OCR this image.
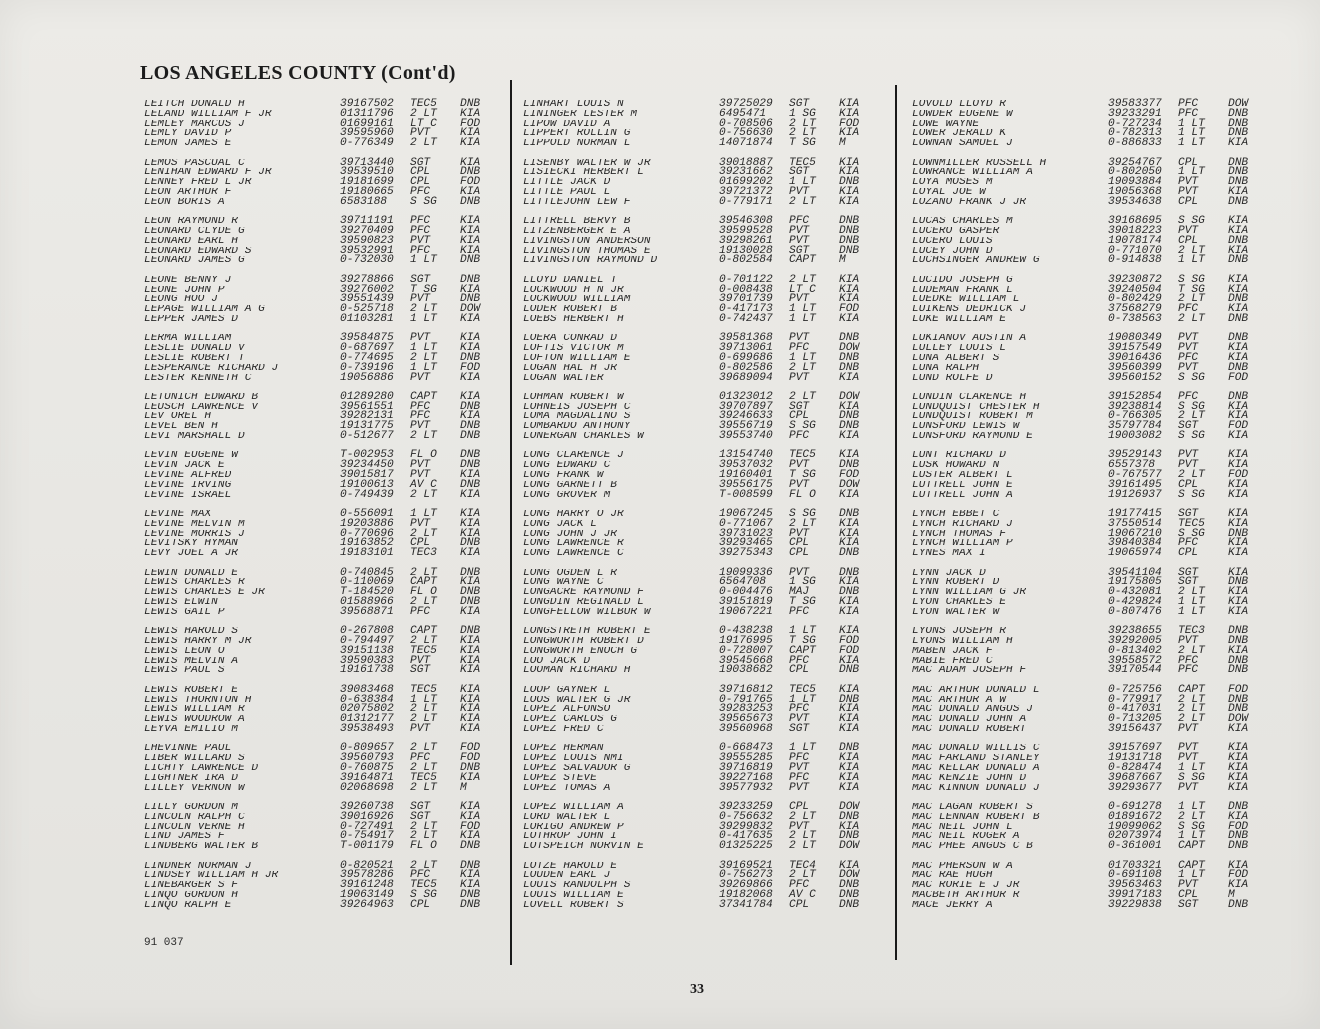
LOS ANGELES COUNTY (Cont'd)
LEITCH DONALD H	39167502	TEC5	DNB
LELAND WILLIAM F JR	01311796	2 LT	KIA
LEMLEY MARCUS J	01699161	LT C	FOD
LEMLY DAVID P	39595960	PVT	KIA
LEMON JAMES E	0-776349	2 LT	KIA
LEMOS PASCUAL C	39713440	SGT	KIA
LENIHAN EDWARD F JR	39539510	CPL	DNB
LENNEY FRED L JR	19181699	CPL	FOD
LEON ARTHUR F	19180665	PFC	KIA
LEON BORIS A	6583188	S SG	DNB
LEON RAYMOND R	39711191	PFC	KIA
LEONARD CLYDE G	39270409	PFC	KIA
LEONARD EARL H	39590823	PVT	KIA
LEONARD EDWARD S	39532991	PFC	KIA
LEONARD JAMES G	0-732030	1 LT	DNB
LEONE BENNY J	39278866	SGT	DNB
LEONE JOHN P	39276002	T SG	KIA
LEONG HOO J	39551439	PVT	DNB
LEPAGE WILLIAM A G	0-525718	2 LT	DOW
LEPPER JAMES D	01103281	1 LT	KIA
LERMA WILLIAM	39584875	PVT	KIA
LESLIE DONALD V	0-687697	1 LT	KIA
LESLIE ROBERT T	0-774695	2 LT	DNB
LESPERANCE RICHARD J	0-739196	1 LT	FOD
LESTER KENNETH C	19056886	PVT	KIA
LETUNICH EDWARD B	01289280	CAPT	KIA
LEUSCH LAWRENCE V	39561551	PFC	DNB
LEV OREL H	39282131	PFC	KIA
LEVEL BEN H	19131775	PVT	DNB
LEVI MARSHALL D	0-512677	2 LT	DNB
LEVIN EUGENE W	T-002953	FL O	DNB
LEVIN JACK E	39234450	PVT	DNB
LEVINE ALFRED	39015817	PVT	KIA
LEVINE IRVING	19100613	AV C	DNB
LEVINE ISRAEL	0-749439	2 LT	KIA
LEVINE MAX	0-556091	1 LT	KIA
LEVINE MELVIN M	19203886	PVT	KIA
LEVINE MORRIS J	0-770696	2 LT	KIA
LEVITSKY HYMAN	19163852	CPL	DNB
LEVY JOEL A JR	19183101	TEC3	KIA
LEWIN DONALD E	0-740845	2 LT	DNB
LEWIS CHARLES R	0-110069	CAPT	KIA
LEWIS CHARLES E JR	T-184520	FL O	DNB
LEWIS ELWIN	01588966	2 LT	DNB
LEWIS GAIL P	39568871	PFC	KIA
LEWIS HAROLD S	0-267808	CAPT	DNB
LEWIS HARRY M JR	0-794497	2 LT	KIA
LEWIS LEON O	39151138	TEC5	KIA
LEWIS MELVIN A	39590383	PVT	KIA
LEWIS PAUL S	19161738	SGT	KIA
LEWIS ROBERT E	39083468	TEC5	KIA
LEWIS THORNTON H	0-638384	1 LT	KIA
LEWIS WILLIAM R	02075802	2 LT	KIA
LEWIS WOODROW A	01312177	2 LT	KIA
LEYVA EMILIO M	39538493	PVT	KIA
LHEVINNE PAUL	0-809657	2 LT	FOD
LIBER WILLARD S	39560793	PFC	FOD
LICHTY LAWRENCE D	0-760875	2 LT	DNB
LIGHTNER IRA D	39164871	TEC5	KIA
LILLEY VERNON W	02068698	2 LT	M
LILLY GORDON M	39260738	SGT	KIA
LINCOLN RALPH C	39016926	SGT	KIA
LINCOLN VERNE H	0-727491	2 LT	FOD
LIND JAMES F	0-754917	2 LT	KIA
LINDBERG WALTER B	T-001179	FL O	DNB
LINDNER NORMAN J	0-820521	2 LT	DNB
LINDSEY WILLIAM H JR	39578286	PFC	KIA
LINEBARGER S F	39161248	TEC5	KIA
LINQO GORDON H	19063149	S SG	DNB
LINQO RALPH E	39264963	CPL	DNB
LINHART LOUIS N	39725029	SGT	KIA
LININGER LESTER M	6495471	1 SG	KIA
LIPOW DAVID A	0-708506	2 LT	FOD
LIPPERT ROLLIN G	0-756630	2 LT	KIA
LIPPOLD NORMAN L	14071874	T SG	M
LISENBY WALTER W JR	39018887	TEC5	KIA
LISIECKI HERBERT L	39231662	SGT	KIA
LITTLE JACK D	01699202	1 LT	DNB
LITTLE PAUL L	39721372	PVT	KIA
LITTLEJOHN LEW F	0-779171	2 LT	KIA
LITTRELL BERVY B	39546308	PFC	DNB
LITZENBERGER E A	39599528	PVT	DNB
LIVINGSTON ANDERSON	39298261	PVT	DNB
LIVINGSTON THOMAS E	19130028	SGT	DNB
LIVINGSTON RAYMOND D	0-802584	CAPT	M
LLOYD DANIEL T	0-701122	2 LT	KIA
LOCKWOOD H N JR	0-008438	LT C	KIA
LOCKWOOD WILLIAM	39701739	PVT	KIA
LODER ROBERT B	0-417173	1 LT	FOD
LOEBS HERBERT H	0-742437	1 LT	KIA
LOERA CONRAD D	39581368	PVT	DNB
LOFTIS VICTOR M	39713061	PFC	DOW
LOFTON WILLIAM E	0-699686	1 LT	DNB
LOGAN HAL H JR	0-802586	2 LT	DNB
LOGAN WALTER	39689094	PVT	KIA
LOHMAN ROBERT W	01323012	2 LT	DOW
LOHNEIS JOSEPH C	39707897	SGT	KIA
LOMA MAGDALINO S	39246633	CPL	DNB
LOMBARDO ANTHONY	39556719	S SG	DNB
LONERGAN CHARLES W	39553740	PFC	KIA
LONG CLARENCE J	13154740	TEC5	KIA
LONG EDWARD C	39537032	PVT	DNB
LONG FRANK W	19160401	T SG	FOD
LONG GARNETT B	39556175	PVT	DOW
LONG GROVER M	T-008599	FL O	KIA
LONG HARRY O JR	19067245	S SG	DNB
LONG JACK L	0-771067	2 LT	KIA
LONG JOHN J JR	39731023	PVT	KIA
LONG LAWRENCE R	39293465	CPL	KIA
LONG LAWRENCE C	39275343	CPL	DNB
LONG OGDEN L R	19099336	PVT	DNB
LONG WAYNE C	6564708	1 SG	KIA
LONGACRE RAYMOND F	0-004476	MAJ	DNB
LONGDIN REGINALD L	39151819	T SG	KIA
LONGFELLOW WILBUR W	19067221	PFC	KIA
LONGSTRETH ROBERT E	0-438238	1 LT	KIA
LONGWORTH ROBERT D	19176995	T SG	FOD
LONGWORTH ENOCH G	0-728007	CAPT	FOD
LOO JACK D	39545668	PFC	KIA
LOOMAN RICHARD H	19038682	CPL	DNB
LOOP GAYNER L	39716812	TEC5	KIA
LOOS WALTER G JR	0-791765	1 LT	DNB
LOPEZ ALFONSO	39283253	PFC	KIA
LOPEZ CARLOS G	39565673	PVT	KIA
LOPEZ FRED C	39560968	SGT	KIA
LOPEZ HERMAN	0-668473	1 LT	DNB
LOPEZ LOUIS NMI	39555285	PFC	KIA
LOPEZ SALVADOR G	39716819	PVT	KIA
LOPEZ STEVE	39227168	PFC	KIA
LOPEZ TOMAS A	39577932	PVT	KIA
LOPEZ WILLIAM A	39233259	CPL	DOW
LORD WALTER L	0-756632	2 LT	DNB
LORIGO ANDREW P	39299832	PVT	KIA
LOTHROP JOHN I	0-417635	2 LT	DNB
LOTSPEICH NORVIN E	01325225	2 LT	DOW
LOTZE HAROLD E	39169521	TEC4	KIA
LOUDEN EARL J	0-756273	2 LT	DOW
LOUIS RANDOLPH S	39269866	PFC	DNB
LOUIS WILLIAM E	19182068	AV C	DNB
LOVELL ROBERT S	37341784	CPL	DNB
LOVOLD LLOYD R	39583377	PFC	DOW
LOWDER EUGENE W	39233291	PFC	DNB
LOWE WAYNE	0-727234	1 LT	DNB
LOWER JERALD K	0-782313	1 LT	DNB
LOWNAN SAMUEL J	0-886833	1 LT	KIA
LOWNMILLER RUSSELL H	39254767	CPL	DNB
LOWRANCE WILLIAM A	0-802050	1 LT	DNB
LOYA MOSES M	19093884	PVT	DNB
LOYAL JOE W	19056368	PVT	KIA
LOZANO FRANK J JR	39534638	CPL	DNB
LUCAS CHARLES M	39168695	S SG	KIA
LUCERO GASPER	39018223	PVT	KIA
LUCERO LOUIS	19078174	CPL	DNB
LUCEY JOHN D	0-771070	2 LT	KIA
LUCHSINGER ANDREW G	0-914838	1 LT	DNB
LUCIDO JOSEPH G	39230872	S SG	KIA
LUDEMAN FRANK L	39240504	T SG	KIA
LUEDKE WILLIAM L	0-802429	2 LT	DNB
LUIKENS DEDRICK J	37568279	PFC	KIA
LUKE WILLIAM E	0-738563	2 LT	DNB
LUKIANOV AUSTIN A	19080349	PVT	DNB
LULLEY LOUIS L	39157549	PVT	KIA
LUNA ALBERT S	39016436	PFC	KIA
LUNA RALPH	39560399	PVT	DNB
LUND ROLFE D	39560152	S SG	FOD
LUNDIN CLARENCE H	39152854	PFC	DNB
LUNDQUIST CHESTER H	39238814	S SG	KIA
LUNDQUIST ROBERT M	0-766305	2 LT	KIA
LUNSFORD LEWIS W	35797784	SGT	FOD
LUNSFORD RAYMOND E	19003082	S SG	KIA
LUNT RICHARD D	39529143	PVT	KIA
LUSK HOWARD N	6557378	PVT	KIA
LUSTER ALBERT L	0-767577	2 LT	FOD
LUTTRELL JOHN E	39161495	CPL	KIA
LUTTRELL JOHN A	19126937	S SG	KIA
LYNCH EBBET C	19177415	SGT	KIA
LYNCH RICHARD J	37550514	TEC5	KIA
LYNCH THOMAS F	19067210	S SG	DNB
LYNCH WILLIAM P	39840384	PFC	KIA
LYNES MAX I	19065974	CPL	KIA
LYNN JACK D	39541104	SGT	KIA
LYNN ROBERT D	19175805	SGT	DNB
LYNN WILLIAM G JR	0-432081	2 LT	KIA
LYON CHARLES E	0-429824	1 LT	KIA
LYON WALTER W	0-807476	1 LT	KIA
LYONS JOSEPH R	39238655	TEC3	DNB
LYONS WILLIAM H	39292005	PVT	DNB
MABEN JACK F	0-813402	2 LT	KIA
MABIE FRED C	39558572	PFC	DNB
MAC ADAM JOSEPH F	39170544	PFC	DNB
MAC ARTHUR DONALD L	0-725756	CAPT	FOD
MAC ARTHUR A W	0-779917	2 LT	DNB
MAC DONALD ANGUS J	0-417031	2 LT	DNB
MAC DONALD JOHN A	0-713205	2 LT	DOW
MAC DONALD ROBERT	39156437	PVT	KIA
MAC DONALD WILLIS C	39157697	PVT	KIA
MAC FARLAND STANLEY	19131718	PVT	KIA
MAC KELLAR DONALD A	0-828474	1 LT	KIA
MAC KENZIE JOHN D	39687667	S SG	KIA
MAC KINNON DONALD J	39293677	PVT	KIA
MAC LAGAN ROBERT S	0-691278	1 LT	DNB
MAC LENNAN ROBERT B	01891672	2 LT	KIA
MAC NEIL JOHN L	19099062	S SG	FOD
MAC NEIL ROGER A	02073974	1 LT	DNB
MAC PHEE ANGUS C B	0-361001	CAPT	DNB
MAC PHERSON W A	01703321	CAPT	KIA
MAC RAE HUGH	0-691108	1 LT	FOD
MAC RORIE E J JR	39563463	PVT	KIA
MACBETH ARTHUR R	39917183	CPL	M
MACE JERRY A	39229838	SGT	DNB
91 037
33
